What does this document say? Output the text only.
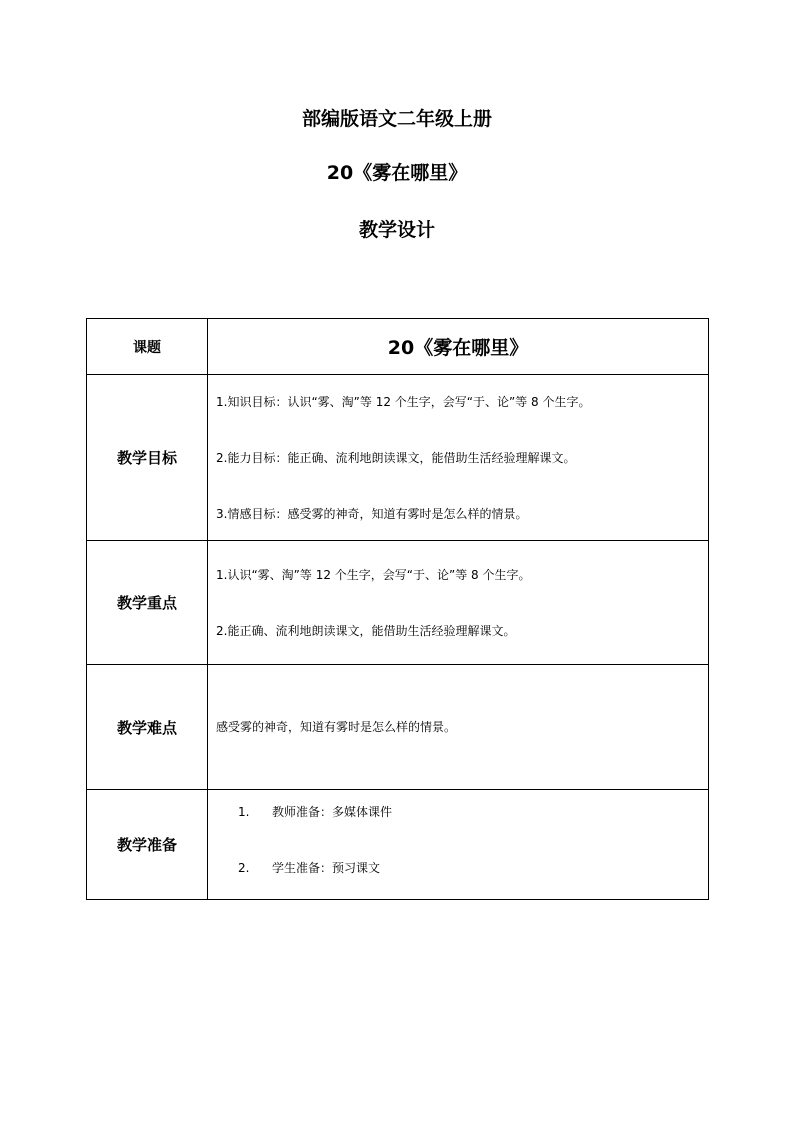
部编版语文二年级上册
20《雾在哪里》
教学设计
课题	20《雾在哪里》
教学目标	1.知识目标：认识“雾、淘”等 12 个生字，会写“于、论”等 8 个生字。
2.能力目标：能正确、流利地朗读课文，能借助生活经验理解课文。
3.情感目标：感受雾的神奇，知道有雾时是怎么样的情景。

教学重点	1.认识“雾、淘”等 12 个生字，会写“于、论”等 8 个生字。
2.能正确、流利地朗读课文，能借助生活经验理解课文。

教学难点	感受雾的神奇，知道有雾时是怎么样的情景。

教学准备	1. 教师准备：多媒体课件
2. 学生准备：预习课文
